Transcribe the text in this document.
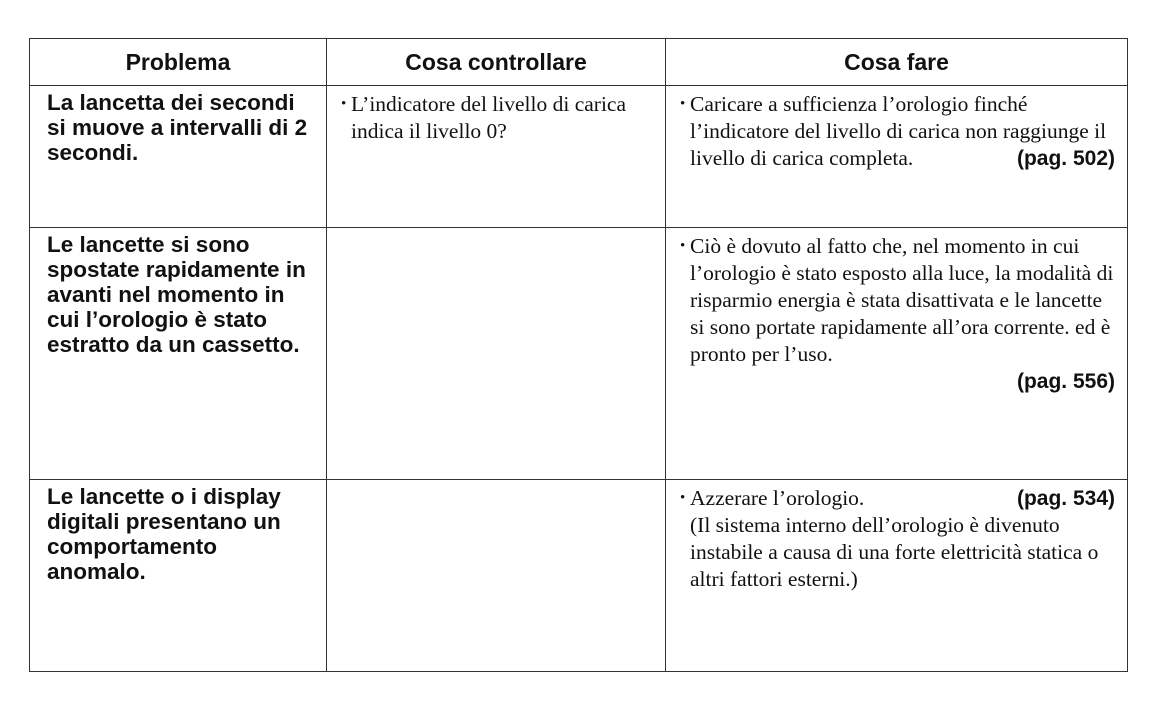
Problema	Cosa controllare	Cosa fare
La lancetta dei secondi si muove a intervalli di 2 secondi.	• L’indicatore del livello di carica indica il livello 0?	• Caricare a sufficienza l’orologio finché l’indicatore del livello di carica non raggiunge il livello di carica completa. (pag. 502)

Le lancette si sono spostate rapidamente in avanti nel momento in cui l’orologio è stato estratto da un cassetto.		• Ciò è dovuto al fatto che, nel momento in cui l’orologio è stato esposto alla luce, la modalità di risparmio energia è stata disattivata e le lancette si sono portate rapidamente all’ora corrente. ed è pronto per l’uso.
(pag. 556)

Le lancette o i display digitali presentano un comportamento anomalo.		• Azzerare l’orologio. (pag. 534)
(Il sistema interno dell’orologio è divenuto instabile a causa di una forte elettricità statica o altri fattori esterni.)
